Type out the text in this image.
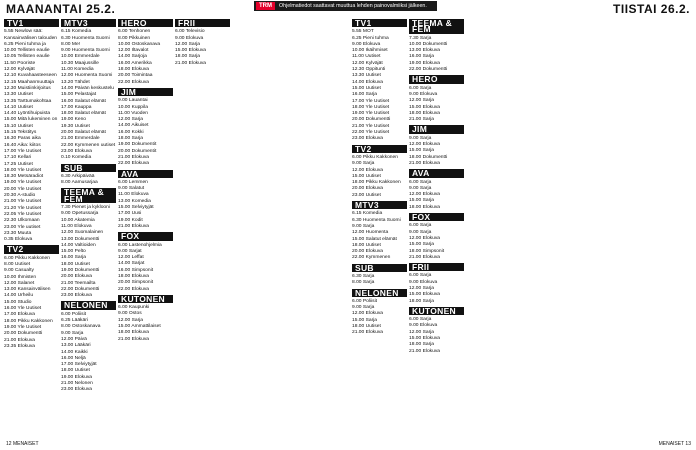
MAANANTAI 25.2.	TRM	Ohjelmatiedot saattavat muuttua lehden painovalmiiksi jälkeen.	TIISTAI 26.2.
TV1

5.55 Newlow sää: Kansainvälisen talouden

6.25 Pieni tuhma ja

10.00 Tellisten eaulie

10.05 Tellisten eaulie

11.50 Pooriste

12.00 Kylväjät

12.10 Kuvahaasteeseen

12.15 Maahanmuuttaja

12.30 Muistiinkirjoitus

13.30 Uutiset

13.35 Tarttumakohtaa

14.10 Uutiset

14.40 Lyöntihuipuista

15.00 Mitä lukeminen on

15.10 Uutiset

15.15 Tekstitys

16.30 Paras aika

16.40 Aika: kiitos

17.00 Yle Uutiset

17.10 Kellari

17.25 Uutiset

18.00 Yle Uutiset

18.30 Metsäradiot

19.00 Yle Uutiset

20.00 Yle Uutiset

20.30 A-studio

21.00 Yle Uutiset

21.20 Yle Uutiset

22.05 Yle Uutiset

22.30 Ulkomaan

23.00 Yle uutiset

23.30 Muuta

0.35 Elokuva

TV2

6.00 Pikku Kakkonen

8.00 Uutiset

9.00 Casualty

10.00 Ihmisten

12.00 Salanet

13.00 Kansainvälisen

14.00 Urheilu

15.00 Studio

16.00 Yle Uutiset

17.00 Elokuva

18.00 Pikku Kakkonen

19.00 Yle Uutiset

20.00 Dokumentti

21.00 Elokuva

23.35 Elokuva

MTV3

6.15 Komedia

6.30 Huomenta Suomi

8.00 Me!

9.00 Huomenta Suomi

10.00 Emmerdale

10.30 Maajussille

11.00 Komedia

12.00 Huomenta Suomi

13.20 Tähdet

14.00 Päivän keskustelu

15.00 Pelastajat

16.00 Salatut elämät

17.00 Kauppa

18.00 Salatut elämät

19.00 Keno

19.30 Uutiset

20.00 Salatut elämät

21.00 Emmerdale

22.00 Kymmenen uutiset

23.00 Elokuva

0.10 Komedia

SUB

6.30 Arkipäivää

8.00 Aamusarjaa

TEEMA & FEM

7.30 Pienet ja kyklooni

9.00 Opetussarja

10.00 Akatemia

11.00 Elokuva

12.00 Suomalainen

13.00 Dokumentti

14.00 Valtioiden

15.00 Pelto

16.00 Sarja

18.00 Uutiset

19.00 Dokumentti

20.00 Elokuva

21.00 Teemailta

22.00 Dokumentti

23.00 Elokuva

NELONEN

6.00 Poliisit

6.25 Lääkäri

8.00 Ostoskanava

9.00 Sarja

12.00 Päivä

13.00 Lääkäri

14.00 Kaikki

16.00 Neljä

17.00 Selviytyjät

18.00 Uutiset

19.00 Elokuva

21.00 Nelonen

23.00 Elokuva

HERO

6.00 Tenhonen

8.00 Pikkuinen

10.00 Ostoskanava

12.00 Iltavalot

14.00 Sarjoja

16.00 Amerikka

18.00 Elokuva

20.00 Toimintaa

22.00 Elokuva

JIM

9.00 Lauantai

10.00 Kuppila

11.00 Vuoden

12.00 Sarja

14.00 Aikuiset

16.00 Kokki

18.00 Sarja

19.00 Dokumentit

20.00 Dokumentit

21.00 Elokuva

22.00 Elokuva

AVA

6.00 Lemmen

9.00 Salatut

11.00 Elokuva

13.00 Komedia

15.00 Selviytyjät

17.00 Uusi

19.00 Kodit

21.00 Elokuva

FOX

6.00 Lastenohjelmia

9.00 Sarjat

12.00 Leffat

14.00 Sarjat

16.00 Simpsonit

18.00 Elokuva

20.00 Simpsonit

22.00 Elokuva

KUTONEN

6.00 Kaupunki

9.00 Ostos

12.00 Sarja

15.00 Ammattilaiset

18.00 Elokuva

21.00 Elokuva

FRII

6.00 Televisio

9.00 Elokuva

12.00 Sarja

15.00 Elokuva

18.00 Sarja

21.00 Elokuva

TV1

5.55 MOT

6.25 Pieni tuhma

9.00 Elokuva

10.00 Ikäihmiset

11.00 Uutiset

12.00 Kylväjät

12.30 Oppitunti

13.30 Uutiset

14.00 Elokuva

15.00 Uutiset

16.00 Sarja

17.00 Yle Uutiset

18.00 Yle Uutiset

19.00 Yle Uutiset

20.00 Dokumentti

21.00 Yle Uutiset

22.00 Yle Uutiset

23.00 Elokuva

TV2

6.00 Pikku Kakkonen

9.00 Sarja

12.00 Elokuva

15.00 Uutiset

18.00 Pikku Kakkonen

20.00 Elokuva

23.00 Uutiset

MTV3

6.15 Komedia

6.30 Huomenta Suomi

9.00 Sarja

12.00 Huomenta

15.00 Salatut elämät

18.00 Uutiset

20.00 Elokuva

22.00 Kymmenen

SUB

6.30 Sarja

8.00 Sarja

NELONEN

6.00 Poliisit

9.00 Sarja

12.00 Elokuva

15.00 Sarja

18.00 Uutiset

21.00 Elokuva

TEEMA & FEM

7.30 Sarja

10.00 Dokumentti

13.00 Elokuva

16.00 Sarja

19.00 Elokuva

22.00 Dokumentti

HERO

6.00 Sarja

9.00 Elokuva

12.00 Sarja

15.00 Elokuva

18.00 Elokuva

21.00 Sarja

JIM

9.00 Sarja

12.00 Elokuva

15.00 Sarja

18.00 Dokumentti

21.00 Elokuva

AVA

6.00 Sarja

9.00 Sarja

12.00 Elokuva

15.00 Sarja

18.00 Elokuva

FOX

6.00 Sarja

9.00 Sarja

12.00 Elokuva

15.00 Sarja

18.00 Simpsonit

21.00 Elokuva

FRII

6.00 Sarja

9.00 Elokuva

12.00 Sarja

15.00 Elokuva

18.00 Sarja

KUTONEN

6.00 Sarja

9.00 Elokuva

12.00 Sarja

15.00 Elokuva

18.00 Sarja

21.00 Elokuva

12 MENAISET	MENAISET 13
